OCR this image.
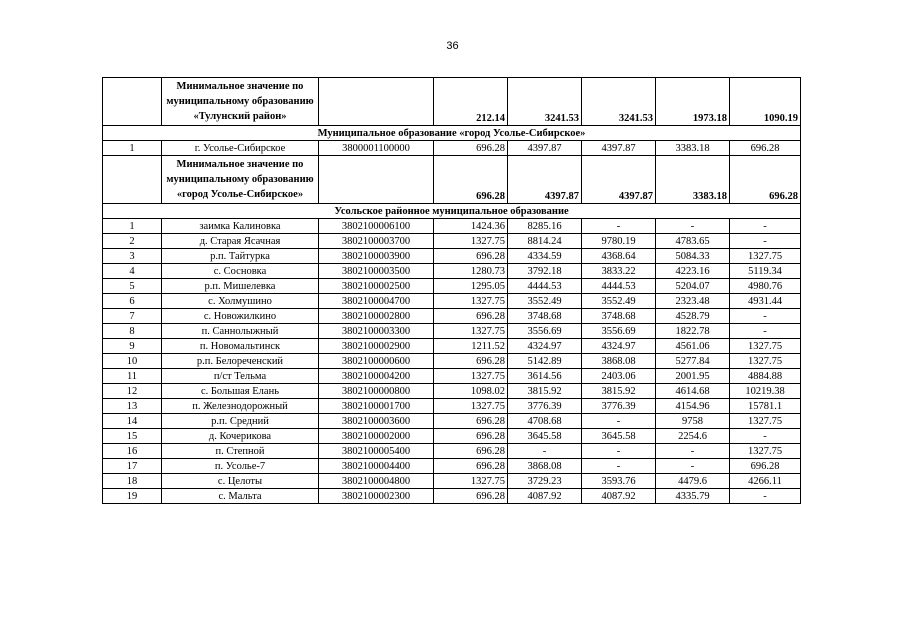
36
	Минимальное значение по муниципальному образованию «Тулунский район»		212.14	3241.53	3241.53	1973.18	1090.19
Муниципальное образование «город Усолье-Сибирское»							
1	г. Усолье-Сибирское	3800001100000	696.28	4397.87	4397.87	3383.18	696.28
	Минимальное значение по муниципальному образованию «город Усолье-Сибирское»		696.28	4397.87	4397.87	3383.18	696.28
Усольское районное муниципальное образование							
1	заимка Калиновка	3802100006100	1424.36	8285.16	-	-	-
2	д. Старая Ясачная	3802100003700	1327.75	8814.24	9780.19	4783.65	-
3	р.п. Тайтурка	3802100003900	696.28	4334.59	4368.64	5084.33	1327.75
4	с. Сосновка	3802100003500	1280.73	3792.18	3833.22	4223.16	5119.34
5	р.п. Мишелевка	3802100002500	1295.05	4444.53	4444.53	5204.07	4980.76
6	с. Холмушино	3802100004700	1327.75	3552.49	3552.49	2323.48	4931.44
7	с. Новожилкино	3802100002800	696.28	3748.68	3748.68	4528.79	-
8	п. Саннолыжный	3802100003300	1327.75	3556.69	3556.69	1822.78	-
9	п. Новомальтинск	3802100002900	1211.52	4324.97	4324.97	4561.06	1327.75
10	р.п. Белореченский	3802100000600	696.28	5142.89	3868.08	5277.84	1327.75
11	п/ст Тельма	3802100004200	1327.75	3614.56	2403.06	2001.95	4884.88
12	с. Большая Елань	3802100000800	1098.02	3815.92	3815.92	4614.68	10219.38
13	п. Железнодорожный	3802100001700	1327.75	3776.39	3776.39	4154.96	15781.1
14	р.п. Средний	3802100003600	696.28	4708.68	-	9758	1327.75
15	д. Кочерикова	3802100002000	696.28	3645.58	3645.58	2254.6	-
16	п. Степной	3802100005400	696.28	-	-	-	1327.75
17	п. Усолье-7	3802100004400	696.28	3868.08	-	-	696.28
18	с. Целоты	3802100004800	1327.75	3729.23	3593.76	4479.6	4266.11
19	с. Мальта	3802100002300	696.28	4087.92	4087.92	4335.79	-
